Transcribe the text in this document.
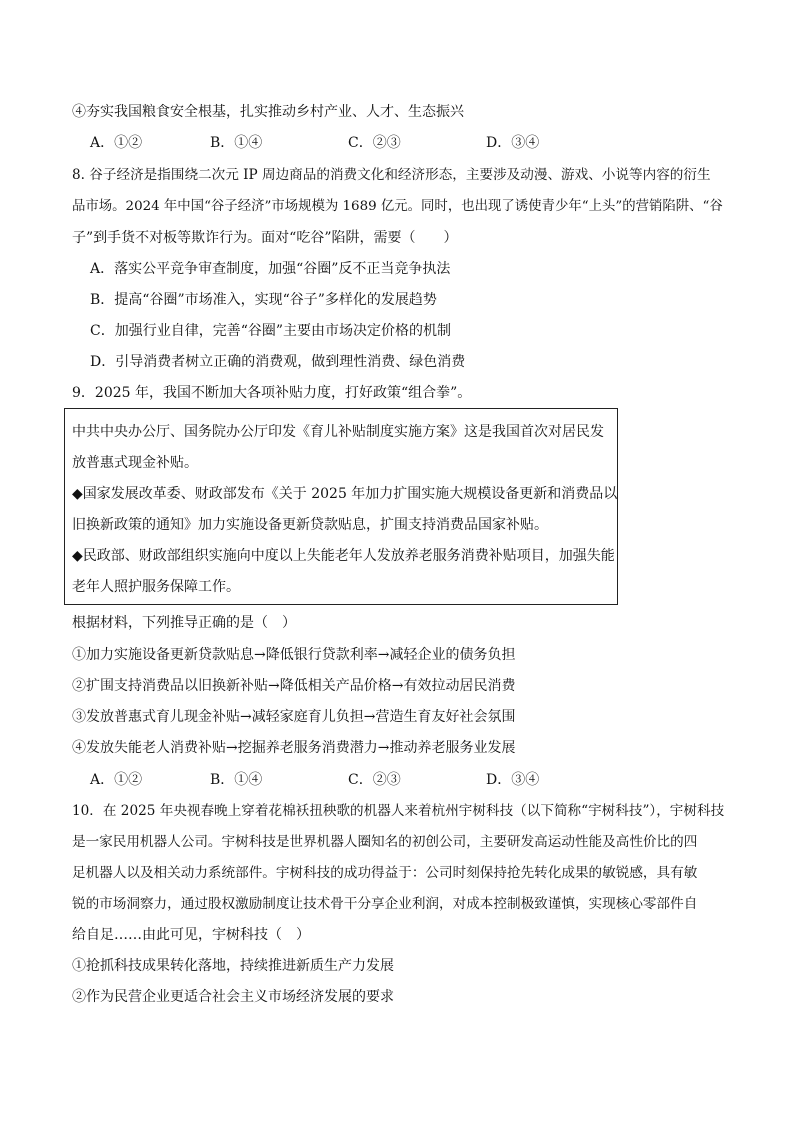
④夯实我国粮食安全根基，扎实推动乡村产业、人才、生态振兴
A．①②	B．①④	C．②③	D．③④
8. 谷子经济是指围绕二次元 IP 周边商品的消费文化和经济形态，主要涉及动漫、游戏、小说等内容的衍生
品市场。2024 年中国“谷子经济”市场规模为 1689 亿元。同时，也出现了诱使青少年“上头”的营销陷阱、“谷
子”到手货不对板等欺诈行为。面对“吃谷”陷阱，需要（　　）
A．落实公平竞争审查制度，加强“谷圈”反不正当竞争执法
B．提高“谷圈”市场准入，实现“谷子”多样化的发展趋势
C．加强行业自律，完善“谷圈”主要由市场决定价格的机制
D．引导消费者树立正确的消费观，做到理性消费、绿色消费
9．2025 年，我国不断加大各项补贴力度，打好政策“组合拳”。
中共中央办公厅、国务院办公厅印发《育儿补贴制度实施方案》这是我国首次对居民发
放普惠式现金补贴。
◆国家发展改革委、财政部发布《关于 2025 年加力扩围实施大规模设备更新和消费品以
旧换新政策的通知》加力实施设备更新贷款贴息，扩围支持消费品国家补贴。
◆民政部、财政部组织实施向中度以上失能老年人发放养老服务消费补贴项目，加强失能
老年人照护服务保障工作。
根据材料，下列推导正确的是（　）
①加力实施设备更新贷款贴息→降低银行贷款利率→减轻企业的债务负担
②扩围支持消费品以旧换新补贴→降低相关产品价格→有效拉动居民消费
③发放普惠式育儿现金补贴→减轻家庭育儿负担→营造生育友好社会氛围
④发放失能老人消费补贴→挖掘养老服务消费潜力→推动养老服务业发展
A．①②	B．①④	C．②③	D．③④
10．在 2025 年央视春晚上穿着花棉袄扭秧歌的机器人来着杭州宇树科技（以下简称“宇树科技”），宇树科技
是一家民用机器人公司。宇树科技是世界机器人圈知名的初创公司，主要研发高运动性能及高性价比的四
足机器人以及相关动力系统部件。宇树科技的成功得益于：公司时刻保持抢先转化成果的敏锐感，具有敏
锐的市场洞察力，通过股权激励制度让技术骨干分享企业利润，对成本控制极致谨慎，实现核心零部件自
给自足……由此可见，宇树科技（　）
①抢抓科技成果转化落地，持续推进新质生产力发展
②作为民营企业更适合社会主义市场经济发展的要求
